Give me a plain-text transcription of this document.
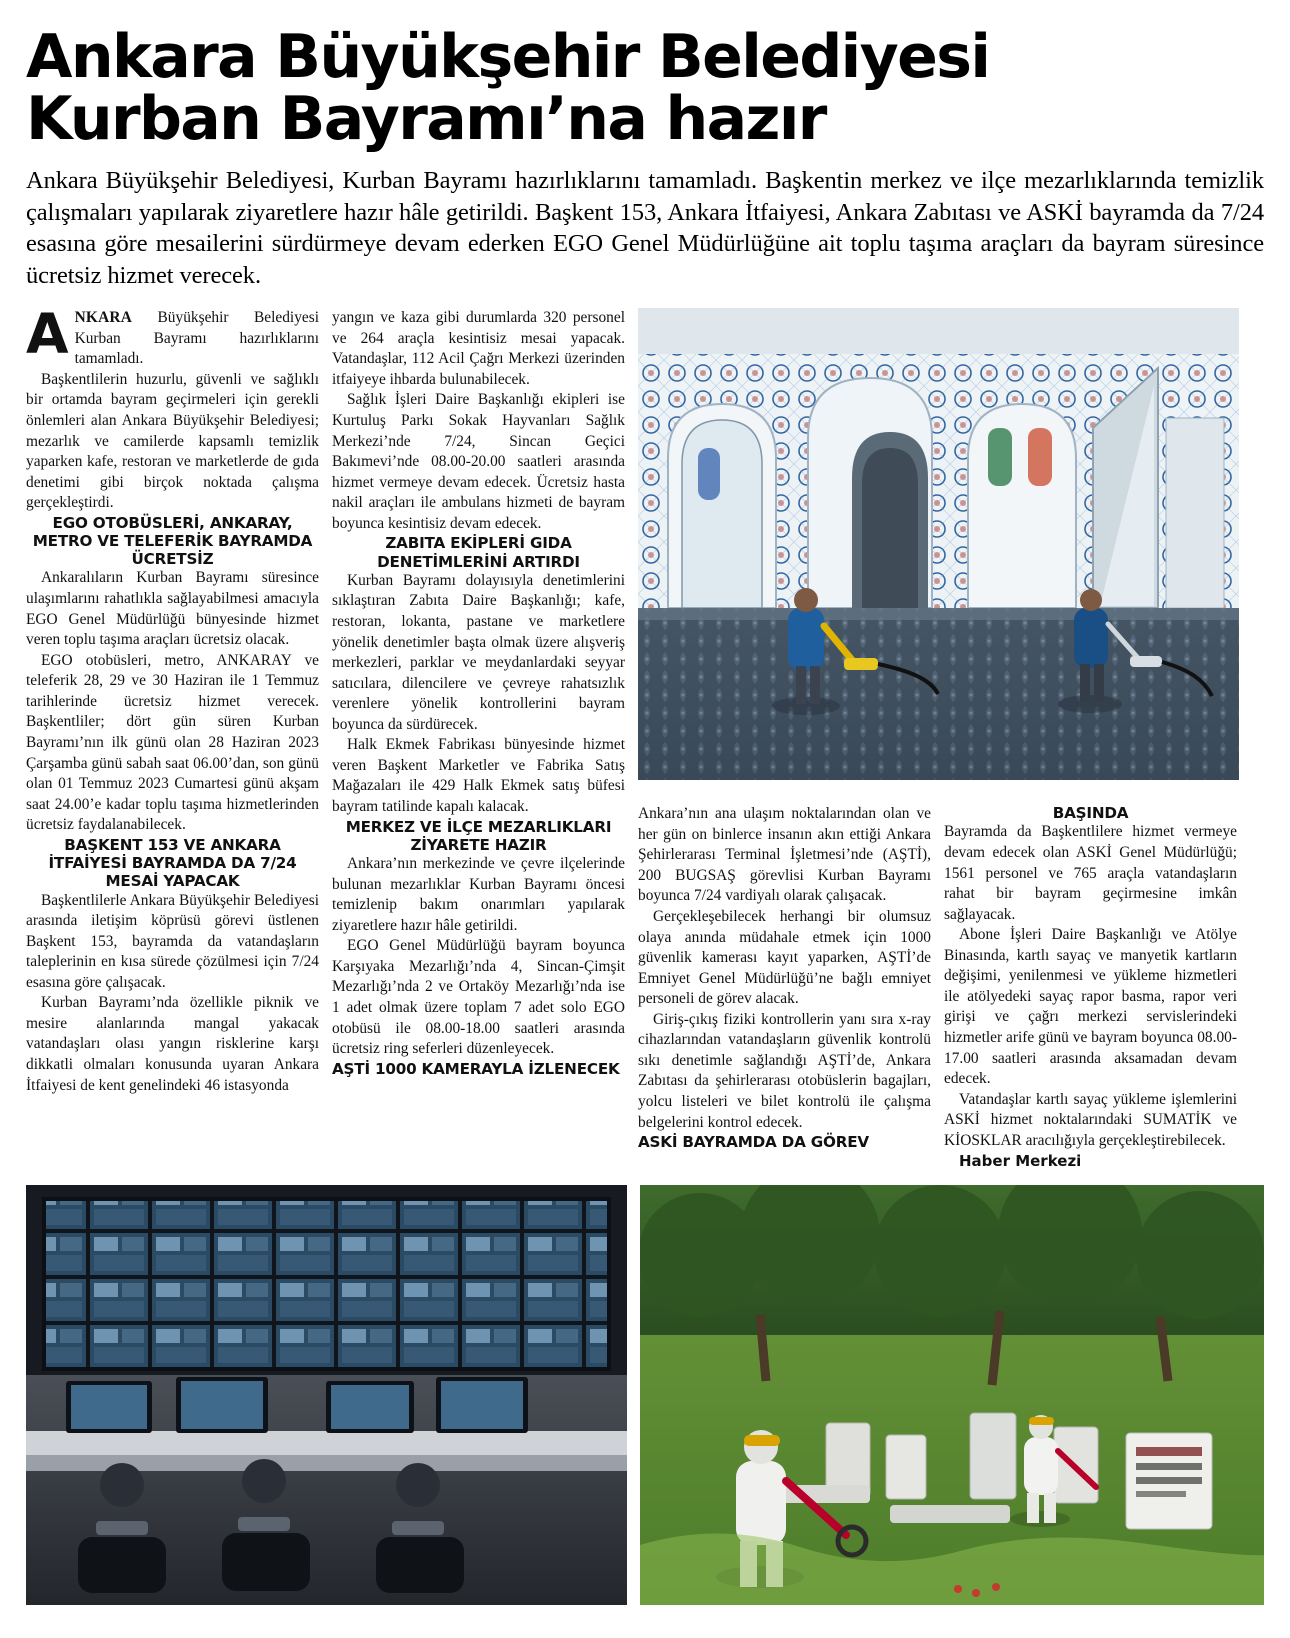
Ankara Büyükşehir Belediyesi
Kurban Bayramı’na hazır

Ankara Büyükşehir Belediyesi, Kurban Bayramı hazırlıklarını tamamladı. Başkentin merkez ve ilçe mezarlıklarında temizlik çalışmaları yapılarak ziyaretlere hazır hâle getirildi. Başkent 153, Ankara İtfaiyesi, Ankara Zabıtası ve ASKİ bayramda da 7/24 esasına göre mesailerini sürdürmeye devam ederken EGO Genel Müdürlüğüne ait toplu taşıma araçları da bayram süresince ücretsiz hizmet verecek.

ANKARA Büyükşehir Belediyesi Kurban Bayramı hazırlıklarını tamamladı.

Başkentlilerin huzurlu, güvenli ve sağlıklı bir ortamda bayram geçirmeleri için gerekli önlemleri alan Ankara Büyükşehir Belediyesi; mezarlık ve camilerde kapsamlı temizlik yaparken kafe, restoran ve marketlerde de gıda denetimi gibi birçok noktada çalışma gerçekleştirdi.

EGO OTOBÜSLERİ, ANKARAY, METRO VE TELEFERİK BAYRAMDA ÜCRETSİZ

Ankaralıların Kurban Bayramı süresince ulaşımlarını rahatlıkla sağlayabilmesi amacıyla EGO Genel Müdürlüğü bünyesinde hizmet veren toplu taşıma araçları ücretsiz olacak.

EGO otobüsleri, metro, ANKARAY ve teleferik 28, 29 ve 30 Haziran ile 1 Temmuz tarihlerinde ücretsiz hizmet verecek. Başkentliler; dört gün süren Kurban Bayramı’nın ilk günü olan 28 Haziran 2023 Çarşamba günü sabah saat 06.00’dan, son günü olan 01 Temmuz 2023 Cumartesi günü akşam saat 24.00’e kadar toplu taşıma hizmetlerinden ücretsiz faydalanabilecek.

BAŞKENT 153 VE ANKARA İTFAİYESİ BAYRAMDA DA 7/24 MESAİ YAPACAK

Başkentlilerle Ankara Büyükşehir Belediyesi arasında iletişim köprüsü görevi üstlenen Başkent 153, bayramda da vatandaşların taleplerinin en kısa sürede çözülmesi için 7/24 esasına göre çalışacak.

Kurban Bayramı’nda özellikle piknik ve mesire alanlarında mangal yakacak vatandaşları olası yangın risklerine karşı dikkatli olmaları konusunda uyaran Ankara İtfaiyesi de kent genelindeki 46 istasyonda

yangın ve kaza gibi durumlarda 320 personel ve 264 araçla kesintisiz mesai yapacak. Vatandaşlar, 112 Acil Çağrı Merkezi üzerinden itfaiyeye ihbarda bulunabilecek.

Sağlık İşleri Daire Başkanlığı ekipleri ise Kurtuluş Parkı Sokak Hayvanları Sağlık Merkezi’nde 7/24, Sincan Geçici Bakımevi’nde 08.00-20.00 saatleri arasında hizmet vermeye devam edecek. Ücretsiz hasta nakil araçları ile ambulans hizmeti de bayram boyunca kesintisiz devam edecek.

ZABITA EKİPLERİ GIDA DENETİMLERİNİ ARTIRDI

Kurban Bayramı dolayısıyla denetimlerini sıklaştıran Zabıta Daire Başkanlığı; kafe, restoran, lokanta, pastane ve marketlere yönelik denetimler başta olmak üzere alışveriş merkezleri, parklar ve meydanlardaki seyyar satıcılara, dilencilere ve çevreye rahatsızlık verenlere yönelik kontrollerini bayram boyunca da sürdürecek.

Halk Ekmek Fabrikası bünyesinde hizmet veren Başkent Marketler ve Fabrika Satış Mağazaları ile 429 Halk Ekmek satış büfesi bayram tatilinde kapalı kalacak.

MERKEZ VE İLÇE MEZARLIKLARI ZİYARETE HAZIR

Ankara’nın merkezinde ve çevre ilçelerinde bulunan mezarlıklar Kurban Bayramı öncesi temizlenip bakım onarımları yapılarak ziyaretlere hazır hâle getirildi.

EGO Genel Müdürlüğü bayram boyunca Karşıyaka Mezarlığı’nda 4, Sincan-Çimşit Mezarlığı’nda 2 ve Ortaköy Mezarlığı’nda ise 1 adet olmak üzere toplam 7 adet solo EGO otobüsü ile 08.00-18.00 saatleri arasında ücretsiz ring seferleri düzenleyecek.

AŞTİ 1000 KAMERAYLA İZLENECEK

Ankara’nın ana ulaşım noktalarından olan ve her gün on binlerce insanın akın ettiği Ankara Şehirlerarası Terminal İşletmesi’nde (AŞTİ), 200 BUGSAŞ görevlisi Kurban Bayramı boyunca 7/24 vardiyalı olarak çalışacak.

Gerçekleşebilecek herhangi bir olumsuz olaya anında müdahale etmek için 1000 güvenlik kamerası kayıt yaparken, AŞTİ’de Emniyet Genel Müdürlüğü’ne bağlı emniyet personeli de görev alacak.

Giriş-çıkış fiziki kontrollerin yanı sıra x-ray cihazlarından vatandaşların güvenlik kontrolü sıkı denetimle sağlandığı AŞTİ’de, Ankara Zabıtası da şehirlerarası otobüslerin bagajları, yolcu listeleri ve bilet kontrolü ile çalışma belgelerini kontrol edecek.

ASKİ BAYRAMDA DA GÖREV

BAŞINDA

Bayramda da Başkentlilere hizmet vermeye devam edecek olan ASKİ Genel Müdürlüğü; 1561 personel ve 765 araçla vatandaşların rahat bir bayram geçirmesine imkân sağlayacak.

Abone İşleri Daire Başkanlığı ve Atölye Binasında, kartlı sayaç ve manyetik kartların değişimi, yenilenmesi ve yükleme hizmetleri ile atölyedeki sayaç rapor basma, rapor veri girişi ve çağrı merkezi servislerindeki hizmetler arife günü ve bayram boyunca 08.00-17.00 saatleri arasında aksamadan devam edecek.

Vatandaşlar kartlı sayaç yükleme işlemlerini ASKİ hizmet noktalarındaki SUMATİK ve KİOSKLAR aracılığıyla gerçekleştirebilecek.

Haber Merkezi
